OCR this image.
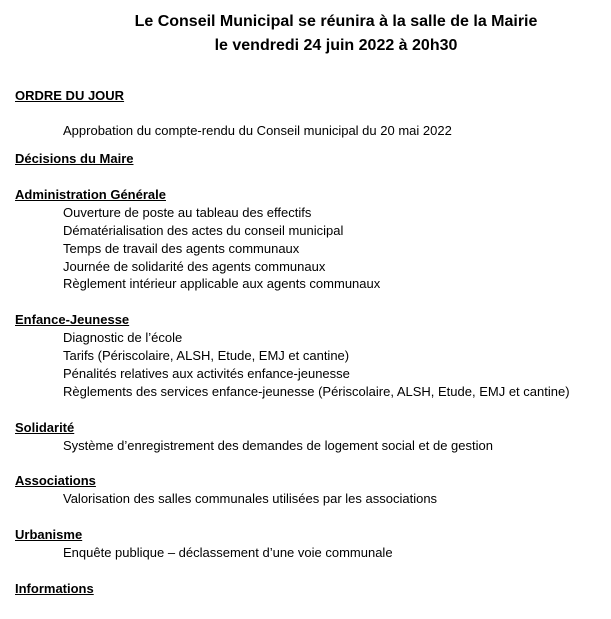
Le Conseil Municipal se réunira à la salle de la Mairie
le vendredi 24 juin 2022 à 20h30
ORDRE DU JOUR
Approbation du compte-rendu du Conseil municipal du 20 mai 2022
Décisions du Maire
Administration Générale
Ouverture de poste au tableau des effectifs
Dématérialisation des actes du conseil municipal
Temps de travail des agents communaux
Journée de solidarité des agents communaux
Règlement intérieur applicable aux agents communaux
Enfance-Jeunesse
Diagnostic de l’école
Tarifs (Périscolaire, ALSH, Etude, EMJ et cantine)
Pénalités relatives aux activités enfance-jeunesse
Règlements des services enfance-jeunesse (Périscolaire, ALSH, Etude, EMJ et cantine)
Solidarité
Système d’enregistrement des demandes de logement social et de gestion
Associations
Valorisation des salles communales utilisées par les associations
Urbanisme
Enquête publique – déclassement d’une voie communale
Informations
